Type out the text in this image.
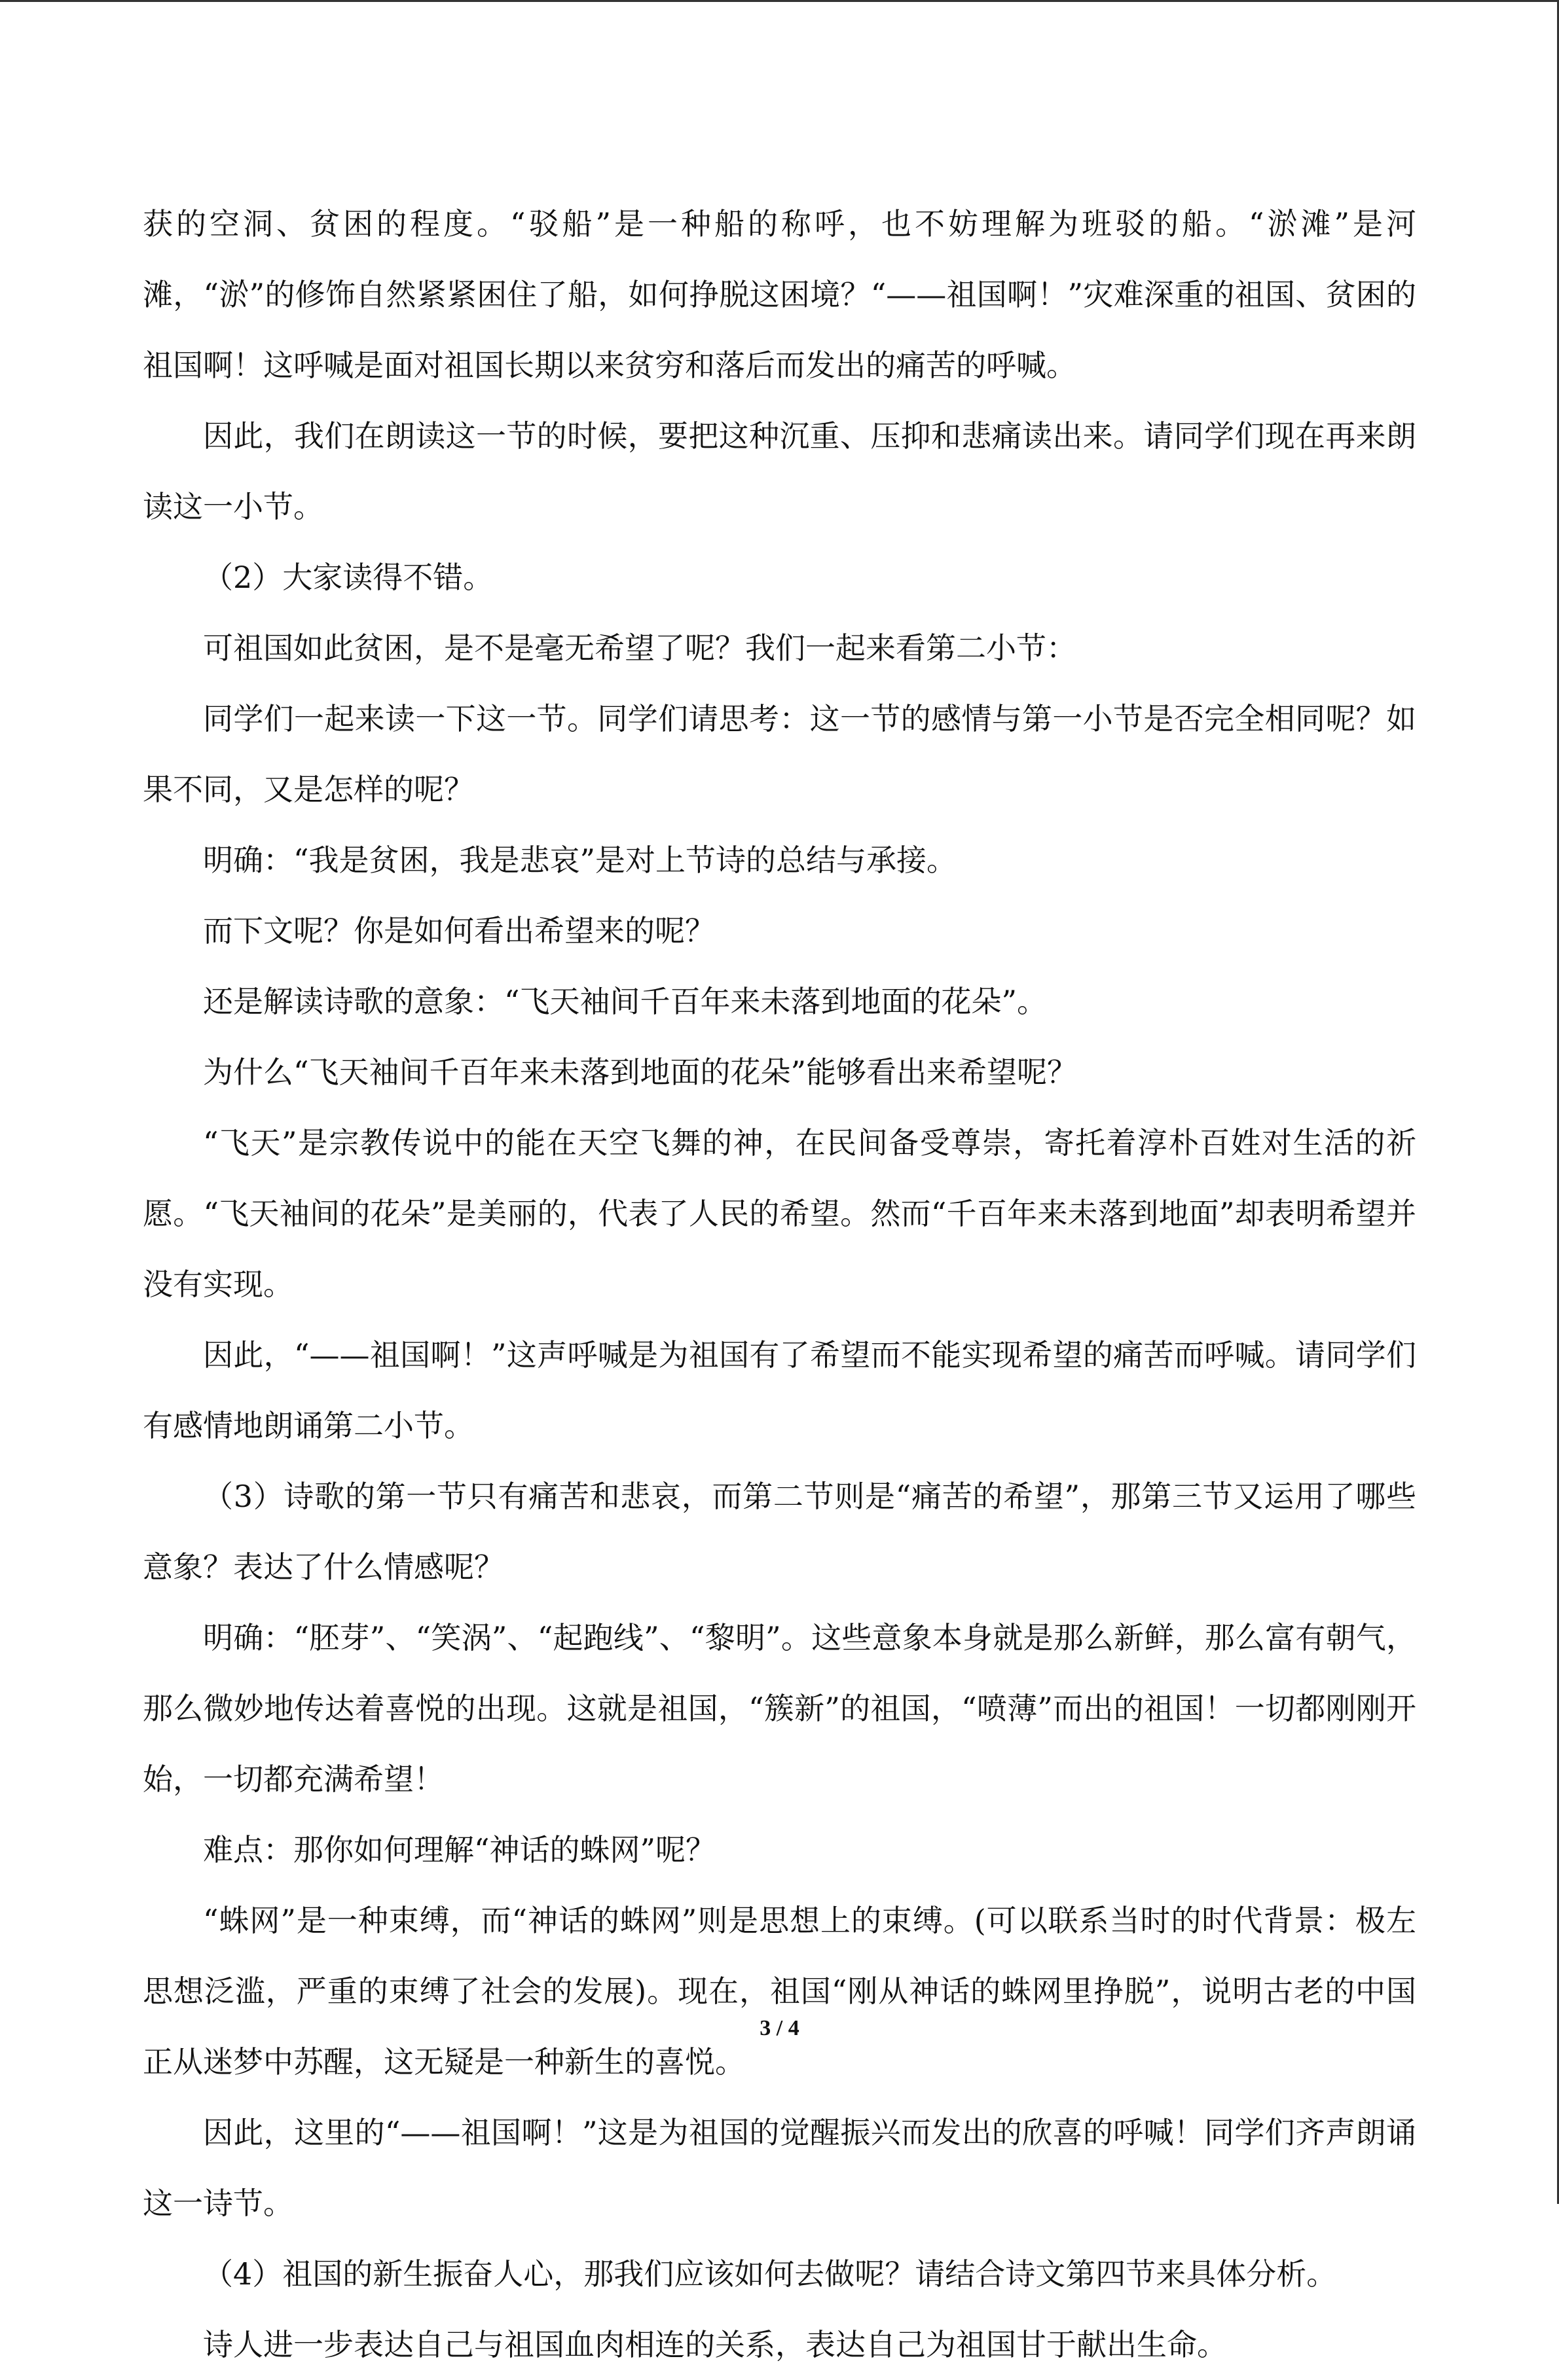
获的空洞、贫困的程度。“驳船”是一种船的称呼，也不妨理解为班驳的船。“淤滩”是河滩，“淤”的修饰自然紧紧困住了船，如何挣脱这困境？“——祖国啊！”灾难深重的祖国、贫困的祖国啊！这呼喊是面对祖国长期以来贫穷和落后而发出的痛苦的呼喊。

因此，我们在朗读这一节的时候，要把这种沉重、压抑和悲痛读出来。请同学们现在再来朗读这一小节。

（2）大家读得不错。

可祖国如此贫困，是不是毫无希望了呢？我们一起来看第二小节：

同学们一起来读一下这一节。同学们请思考：这一节的感情与第一小节是否完全相同呢？如果不同，又是怎样的呢？

明确：“我是贫困，我是悲哀”是对上节诗的总结与承接。

而下文呢？你是如何看出希望来的呢？

还是解读诗歌的意象：“飞天袖间千百年来未落到地面的花朵”。

为什么“飞天袖间千百年来未落到地面的花朵”能够看出来希望呢？

“飞天”是宗教传说中的能在天空飞舞的神，在民间备受尊崇，寄托着淳朴百姓对生活的祈愿。“飞天袖间的花朵”是美丽的，代表了人民的希望。然而“千百年来未落到地面”却表明希望并没有实现。

因此，“——祖国啊！”这声呼喊是为祖国有了希望而不能实现希望的痛苦而呼喊。请同学们有感情地朗诵第二小节。

（3）诗歌的第一节只有痛苦和悲哀，而第二节则是“痛苦的希望”，那第三节又运用了哪些意象？表达了什么情感呢？

明确：“胚芽”、“笑涡”、“起跑线”、“黎明”。这些意象本身就是那么新鲜，那么富有朝气，那么微妙地传达着喜悦的出现。这就是祖国，“簇新”的祖国，“喷薄”而出的祖国！一切都刚刚开始，一切都充满希望！

难点：那你如何理解“神话的蛛网”呢？

“蛛网”是一种束缚，而“神话的蛛网”则是思想上的束缚。(可以联系当时的时代背景：极左思想泛滥，严重的束缚了社会的发展)。现在，祖国“刚从神话的蛛网里挣脱”，说明古老的中国正从迷梦中苏醒，这无疑是一种新生的喜悦。

因此，这里的“——祖国啊！”这是为祖国的觉醒振兴而发出的欣喜的呼喊！同学们齐声朗诵这一诗节。

（4）祖国的新生振奋人心，那我们应该如何去做呢？请结合诗文第四节来具体分析。

诗人进一步表达自己与祖国血肉相连的关系，表达自己为祖国甘于献出生命。

3 / 4
